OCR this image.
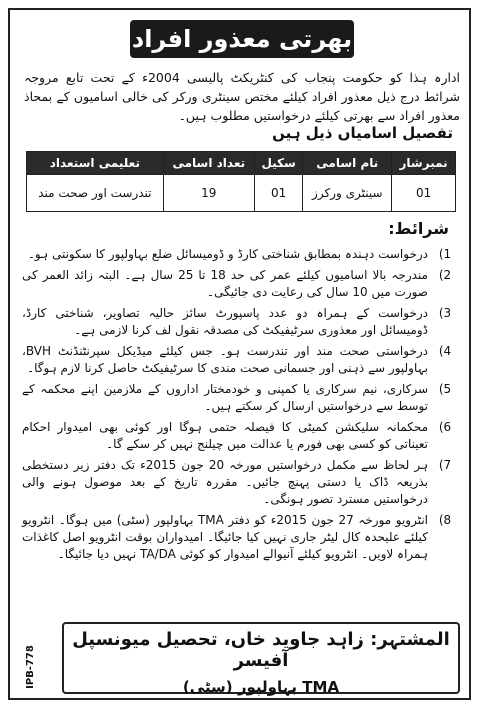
بھرتی معذور افراد
ادارہ ہذا کو حکومت پنجاب کی کنٹریکٹ پالیسی 2004ء کے تحت تابع مروجہ شرائط درج ذیل معذور افراد کیلئے مختص سینٹری ورکر کی خالی اسامیوں کے بمحاذ معذور افراد سے بھرتی کیلئے درخواستیں مطلوب ہیں۔
تفصیل اسامیاں ذیل ہیں
نمبرشار	نام اسامی	سکیل	تعداد اسامی	تعلیمی استعداد
01	سینٹری ورکرز	01	19	تندرست اور صحت مند
شرائط:
(1
درخواست دہندہ بمطابق شناختی کارڈ و ڈومیسائل ضلع بہاولپور کا سکونتی ہو۔
(2
مندرجہ بالا اسامیوں کیلئے عمر کی حد 18 تا 25 سال ہے۔ البتہ زائد العمر کی صورت میں 10 سال کی رعایت دی جائیگی۔
(3
درخواست کے ہمراہ دو عدد پاسپورٹ سائز حالیہ تصاویر، شناختی کارڈ، ڈومیسائل اور معذوری سرٹیفیکٹ کی مصدقہ نقول لف کرنا لازمی ہے۔
(4
درخواستی صحت مند اور تندرست ہو۔ جس کیلئے میڈیکل سپرنٹنڈنٹ BVH، بہاولپور سے ذہنی اور جسمانی صحت مندی کا سرٹیفیکٹ حاصل کرنا لازم ہوگا۔
(5
سرکاری، نیم سرکاری یا کمپنی و خودمختار اداروں کے ملازمین اپنے محکمہ کے توسط سے درخواستیں ارسال کر سکتے ہیں۔
(6
محکمانہ سلیکشن کمیٹی کا فیصلہ حتمی ہوگا اور کوئی بھی امیدوار احکام تعیناتی کو کسی بھی فورم یا عدالت میں چیلنج نہیں کر سکے گا۔
(7
ہر لحاظ سے مکمل درخواستیں مورخہ 20 جون 2015ء تک دفتر زیر دستخطی بذریعہ ڈاک یا دستی پہنچ جائیں۔ مقررہ تاریخ کے بعد موصول ہونے والی درخواستیں مسترد تصور ہونگی۔
(8
انٹرویو مورخہ 27 جون 2015ء کو دفتر TMA بہاولپور (سٹی) میں ہوگا۔ انٹرویو کیلئے علیحدہ کال لیٹر جاری نہیں کیا جائیگا۔ امیدواران بوقت انٹرویو اصل کاغذات ہمراہ لاویں۔ انٹرویو کیلئے آنیوالے امیدوار کو کوئی TA/DA نہیں دیا جائیگا۔
المشتہر: زاہد جاوید خاں، تحصیل میونسپل آفیسر
TMA بہاولپور (سٹی)
IPB-778
